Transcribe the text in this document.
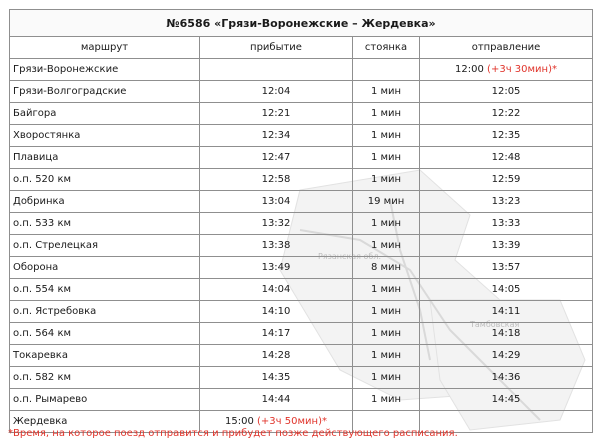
Рязанская обл.
Тамбовская
№6586 «Грязи-Воронежские – Жердевка»			
маршрут	прибытие	стоянка	отправление
Грязи-Воронежские			12:00 (+3ч 30мин)*
Грязи-Волгоградские	12:04	1 мин	12:05
Байгора	12:21	1 мин	12:22
Хворостянка	12:34	1 мин	12:35
Плавица	12:47	1 мин	12:48
о.п. 520 км	12:58	1 мин	12:59
Добринка	13:04	19 мин	13:23
о.п. 533 км	13:32	1 мин	13:33
о.п. Стрелецкая	13:38	1 мин	13:39
Оборона	13:49	8 мин	13:57
о.п. 554 км	14:04	1 мин	14:05
о.п. Ястребовка	14:10	1 мин	14:11
о.п. 564 км	14:17	1 мин	14:18
Токаревка	14:28	1 мин	14:29
о.п. 582 км	14:35	1 мин	14:36
о.п. Рымарево	14:44	1 мин	14:45
Жердевка	15:00 (+3ч 50мин)*		
*Время, на которое поезд отправится и прибудет позже действующего расписания.
